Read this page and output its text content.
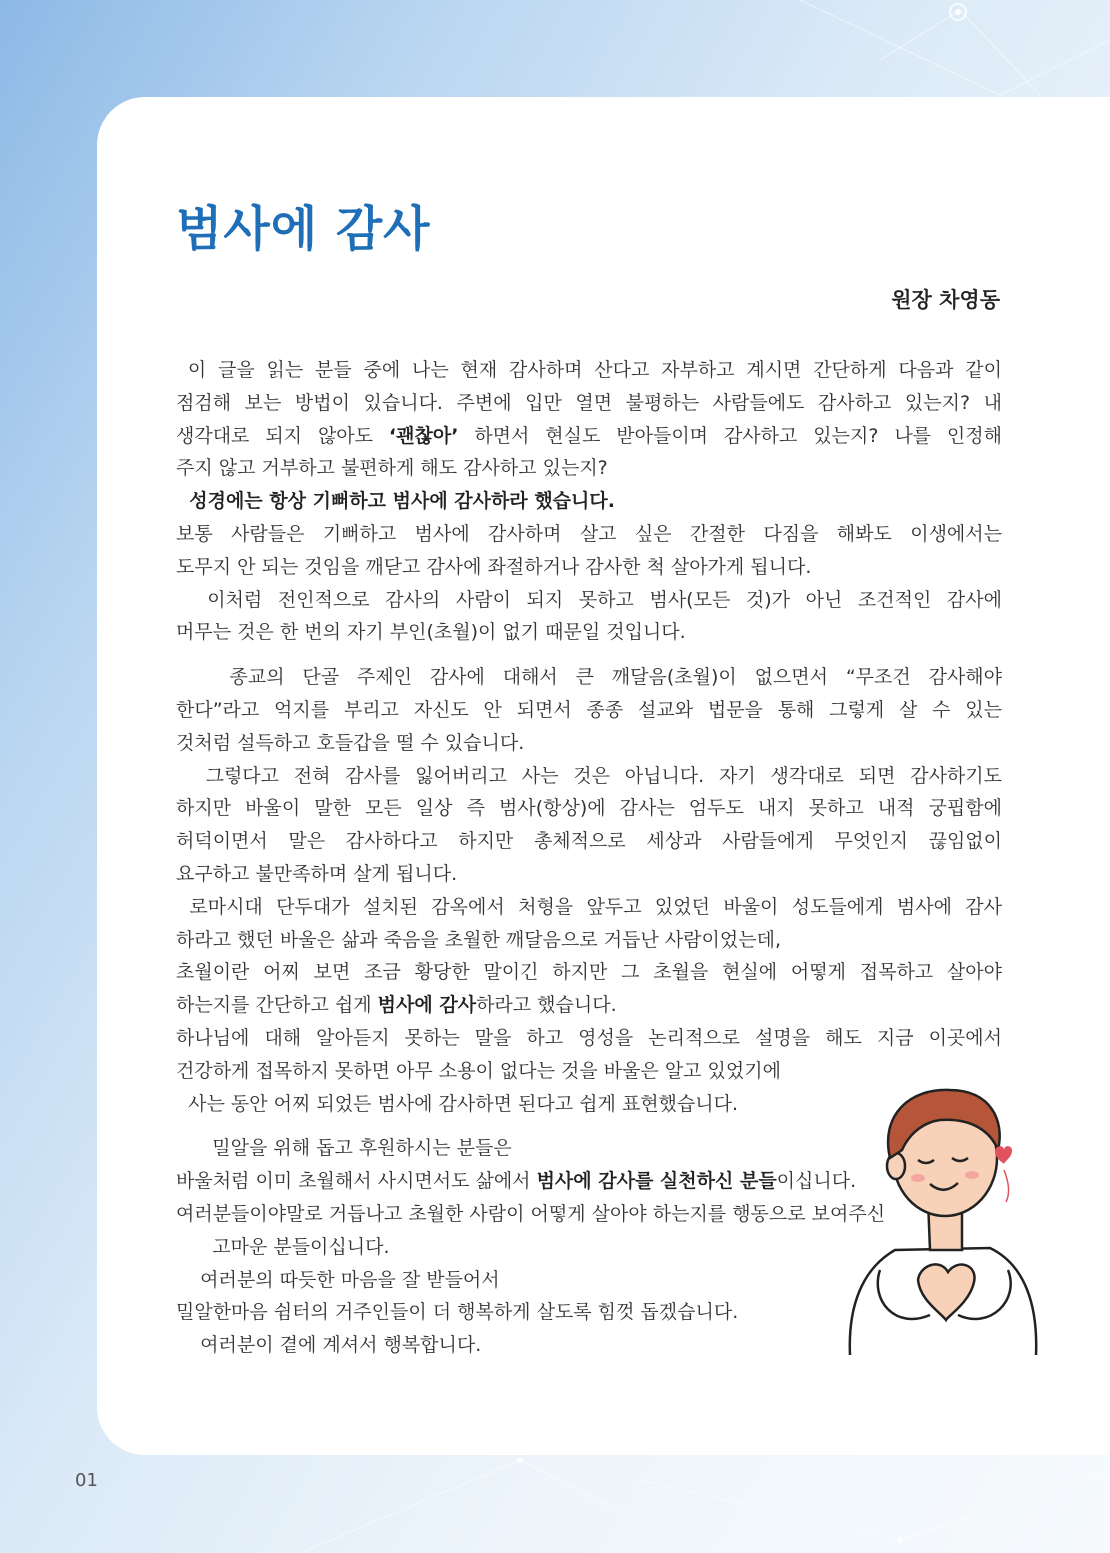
범사에 감사
원장 차영동
이 글을 읽는 분들 중에 나는 현재 감사하며 산다고 자부하고 계시면 간단하게 다음과 같이
점검해 보는 방법이 있습니다. 주변에 입만 열면 불평하는 사람들에도 감사하고 있는지? 내
생각대로 되지 않아도 ‘괜찮아’ 하면서 현실도 받아들이며 감사하고 있는지? 나를 인정해
주지 않고 거부하고 불편하게 해도 감사하고 있는지?
성경에는 항상 기뻐하고 범사에 감사하라 했습니다.
보통 사람들은 기뻐하고 범사에 감사하며 살고 싶은 간절한 다짐을 해봐도 이생에서는
도무지 안 되는 것임을 깨닫고 감사에 좌절하거나 감사한 척 살아가게 됩니다.
이처럼 전인적으로 감사의 사람이 되지 못하고 범사(모든 것)가 아닌 조건적인 감사에
머무는 것은 한 번의 자기 부인(초월)이 없기 때문일 것입니다.
종교의 단골 주제인 감사에 대해서 큰 깨달음(초월)이 없으면서 “무조건 감사해야
한다”라고 억지를 부리고 자신도 안 되면서 종종 설교와 법문을 통해 그렇게 살 수 있는
것처럼 설득하고 호들갑을 떨 수 있습니다.
그렇다고 전혀 감사를 잃어버리고 사는 것은 아닙니다. 자기 생각대로 되면 감사하기도
하지만 바울이 말한 모든 일상 즉 범사(항상)에 감사는 엄두도 내지 못하고 내적 궁핍함에
허덕이면서 말은 감사하다고 하지만 총체적으로 세상과 사람들에게 무엇인지 끊임없이
요구하고 불만족하며 살게 됩니다.
로마시대 단두대가 설치된 감옥에서 처형을 앞두고 있었던 바울이 성도들에게 범사에 감사
하라고 했던 바울은 삶과 죽음을 초월한 깨달음으로 거듭난 사람이었는데,
초월이란 어찌 보면 조금 황당한 말이긴 하지만 그 초월을 현실에 어떻게 접목하고 살아야
하는지를 간단하고 쉽게 범사에 감사하라고 했습니다.
하나님에 대해 알아듣지 못하는 말을 하고 영성을 논리적으로 설명을 해도 지금 이곳에서
건강하게 접목하지 못하면 아무 소용이 없다는 것을 바울은 알고 있었기에
사는 동안 어찌 되었든 범사에 감사하면 된다고 쉽게 표현했습니다.
밀알을 위해 돕고 후원하시는 분들은
바울처럼 이미 초월해서 사시면서도 삶에서 범사에 감사를 실천하신 분들이십니다.
여러분들이야말로 거듭나고 초월한 사람이 어떻게 살아야 하는지를 행동으로 보여주신
고마운 분들이십니다.
여러분의 따듯한 마음을 잘 받들어서
밀알한마음 쉼터의 거주인들이 더 행복하게 살도록 힘껏 돕겠습니다.
여러분이 곁에 계셔서 행복합니다.
01
